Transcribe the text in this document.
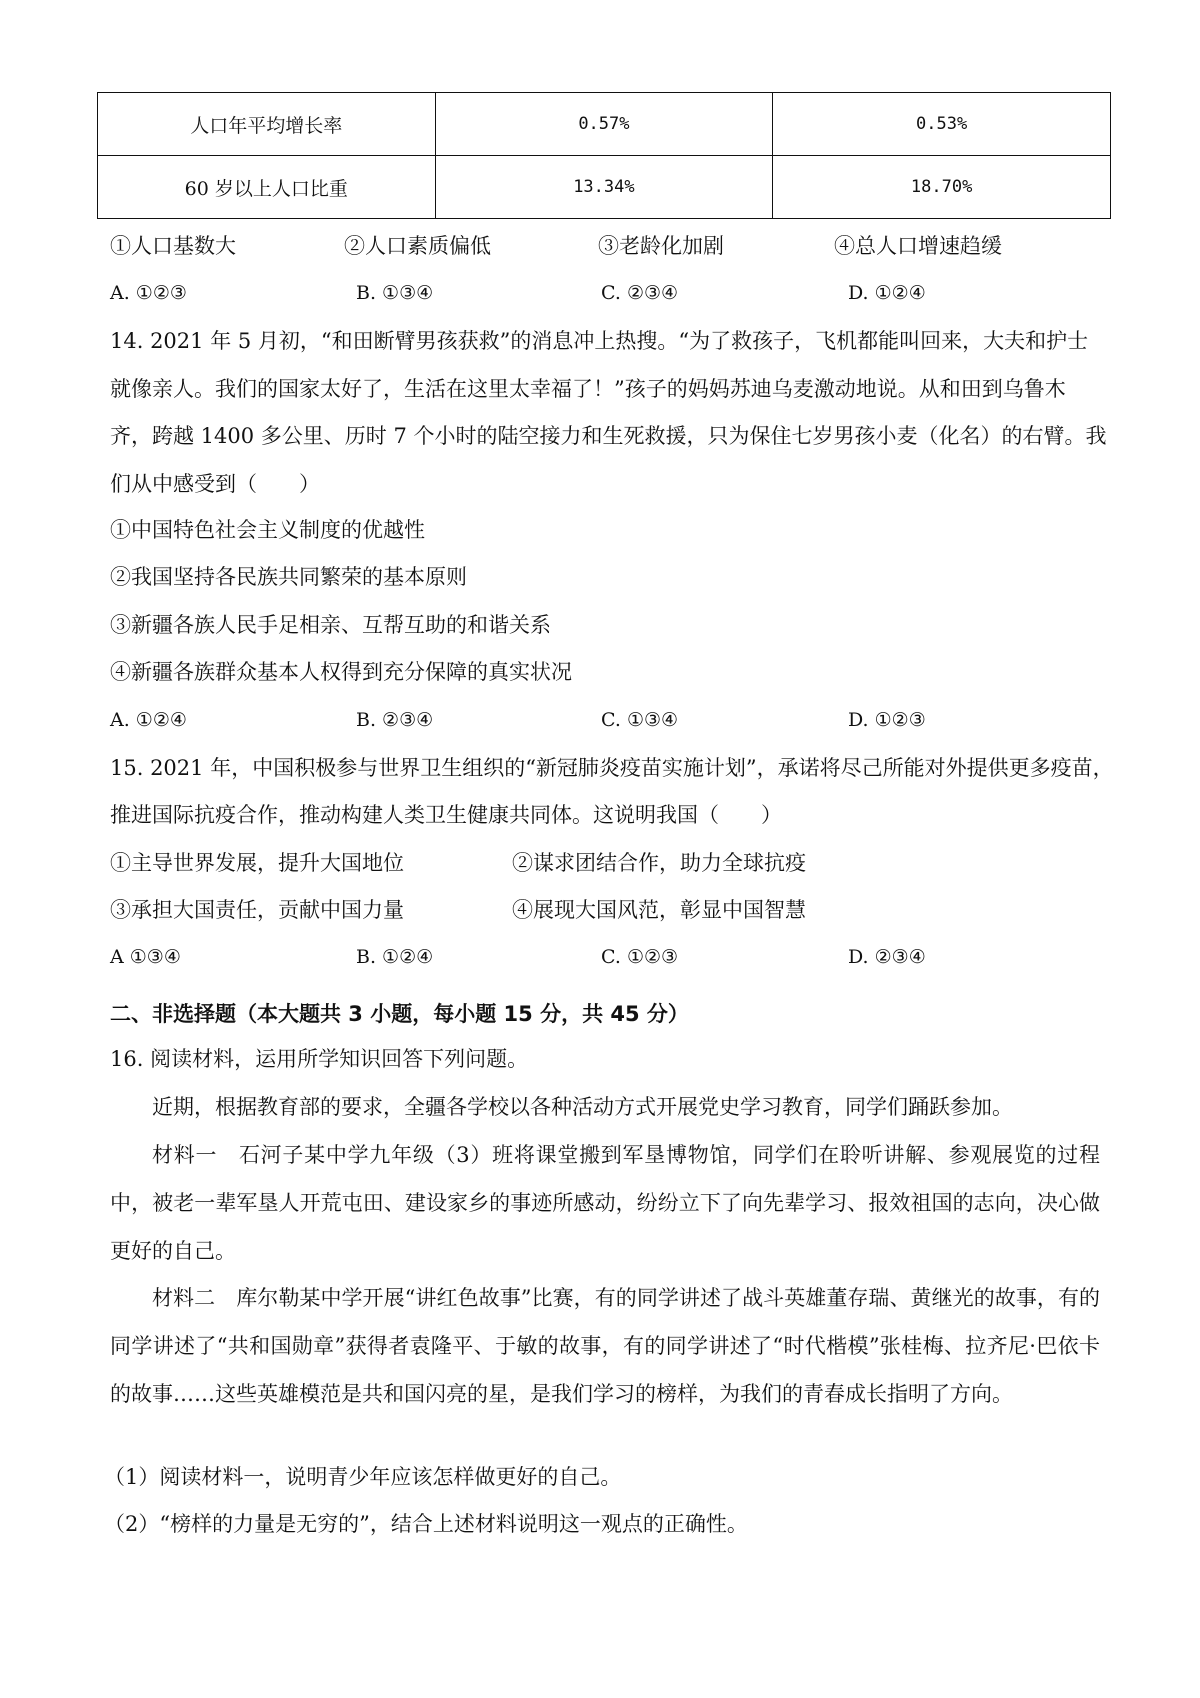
人口年平均增长率	0.57%	0.53%
60 岁以上人口比重	13.34%	18.70%
①人口基数大	②人口素质偏低	③老龄化加剧	④总人口增速趋缓
A. ①②③	B. ①③④	C. ②③④	D. ①②④
14. 2021 年 5 月初，“和田断臂男孩获救”的消息冲上热搜。“为了救孩子，飞机都能叫回来，大夫和护士
就像亲人。我们的国家太好了，生活在这里太幸福了！”孩子的妈妈苏迪乌麦激动地说。从和田到乌鲁木
齐，跨越 1400 多公里、历时 7 个小时的陆空接力和生死救援，只为保住七岁男孩小麦（化名）的右臂。我
们从中感受到（　　）
①中国特色社会主义制度的优越性
②我国坚持各民族共同繁荣的基本原则
③新疆各族人民手足相亲、互帮互助的和谐关系
④新疆各族群众基本人权得到充分保障的真实状况
A. ①②④	B. ②③④	C. ①③④	D. ①②③
15. 2021 年，中国积极参与世界卫生组织的“新冠肺炎疫苗实施计划”，承诺将尽己所能对外提供更多疫苗，
推进国际抗疫合作，推动构建人类卫生健康共同体。这说明我国（　　）
①主导世界发展，提升大国地位	②谋求团结合作，助力全球抗疫
③承担大国责任，贡献中国力量	④展现大国风范，彰显中国智慧
A ①③④	B. ①②④	C. ①②③	D. ②③④
二、非选择题（本大题共 3 小题，每小题 15 分，共 45 分）
16. 阅读材料，运用所学知识回答下列问题。
近期，根据教育部的要求，全疆各学校以各种活动方式开展党史学习教育，同学们踊跃参加。
材料一　石河子某中学九年级（3）班将课堂搬到军垦博物馆，同学们在聆听讲解、参观展览的过程中，被老一辈军垦人开荒屯田、建设家乡的事迹所感动，纷纷立下了向先辈学习、报效祖国的志向，决心做更好的自己。
材料二　库尔勒某中学开展“讲红色故事”比赛，有的同学讲述了战斗英雄董存瑞、黄继光的故事，有的同学讲述了“共和国勋章”获得者袁隆平、于敏的故事，有的同学讲述了“时代楷模”张桂梅、拉齐尼·巴依卡的故事……这些英雄模范是共和国闪亮的星，是我们学习的榜样，为我们的青春成长指明了方向。
（1）阅读材料一，说明青少年应该怎样做更好的自己。
（2）“榜样的力量是无穷的”，结合上述材料说明这一观点的正确性。
